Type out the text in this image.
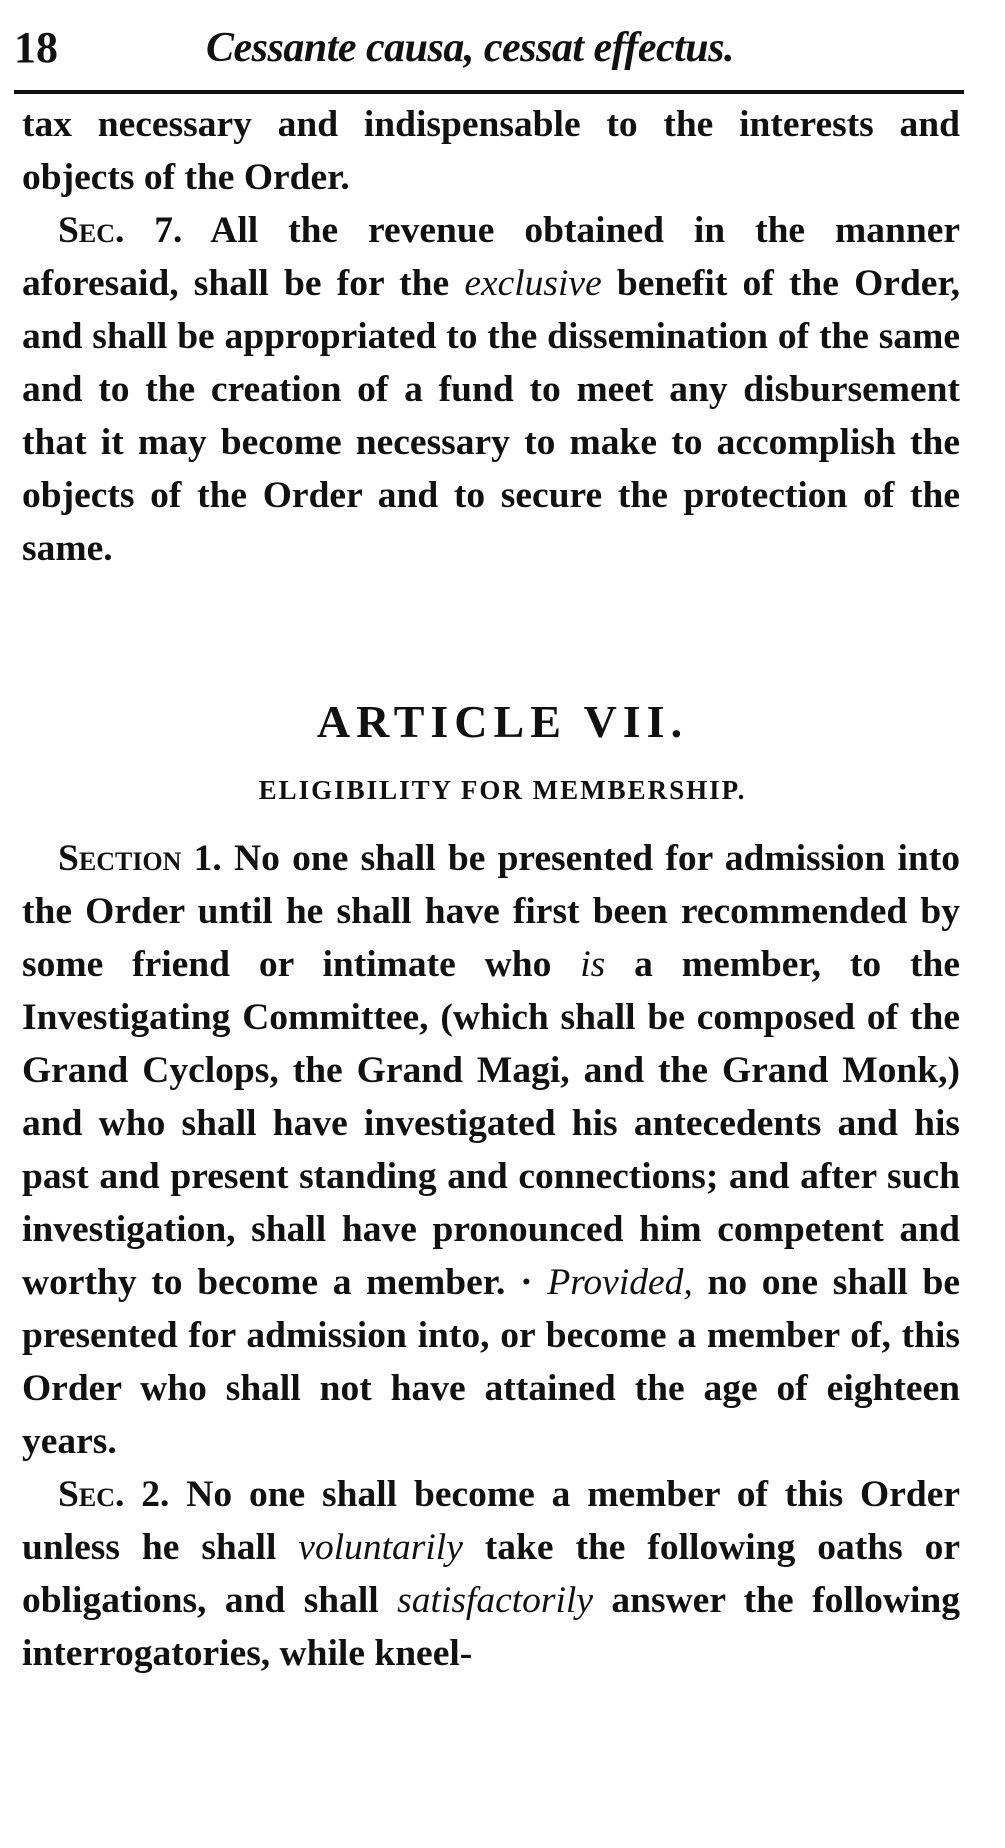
18	Cessante causa, cessat effectus.

tax necessary and indispensable to the interests and objects of the Order.

Sec. 7. All the revenue obtained in the manner aforesaid, shall be for the exclusive benefit of the Order, and shall be appropriated to the dissemination of the same and to the creation of a fund to meet any disbursement that it may become necessary to make to accomplish the objects of the Order and to secure the protection of the same.

ARTICLE VII.
ELIGIBILITY FOR MEMBERSHIP.

Section 1. No one shall be presented for admission into the Order until he shall have first been recommended by some friend or intimate who is a member, to the Investigating Committee, (which shall be composed of the Grand Cyclops, the Grand Magi, and the Grand Monk,) and who shall have investigated his antecedents and his past and present standing and connections; and after such investigation, shall have pronounced him competent and worthy to become a member. · Provided, no one shall be presented for admission into, or become a member of, this Order who shall not have attained the age of eighteen years.

Sec. 2. No one shall become a member of this Order unless he shall voluntarily take the following oaths or obligations, and shall satisfactorily answer the following interrogatories, while kneel-
